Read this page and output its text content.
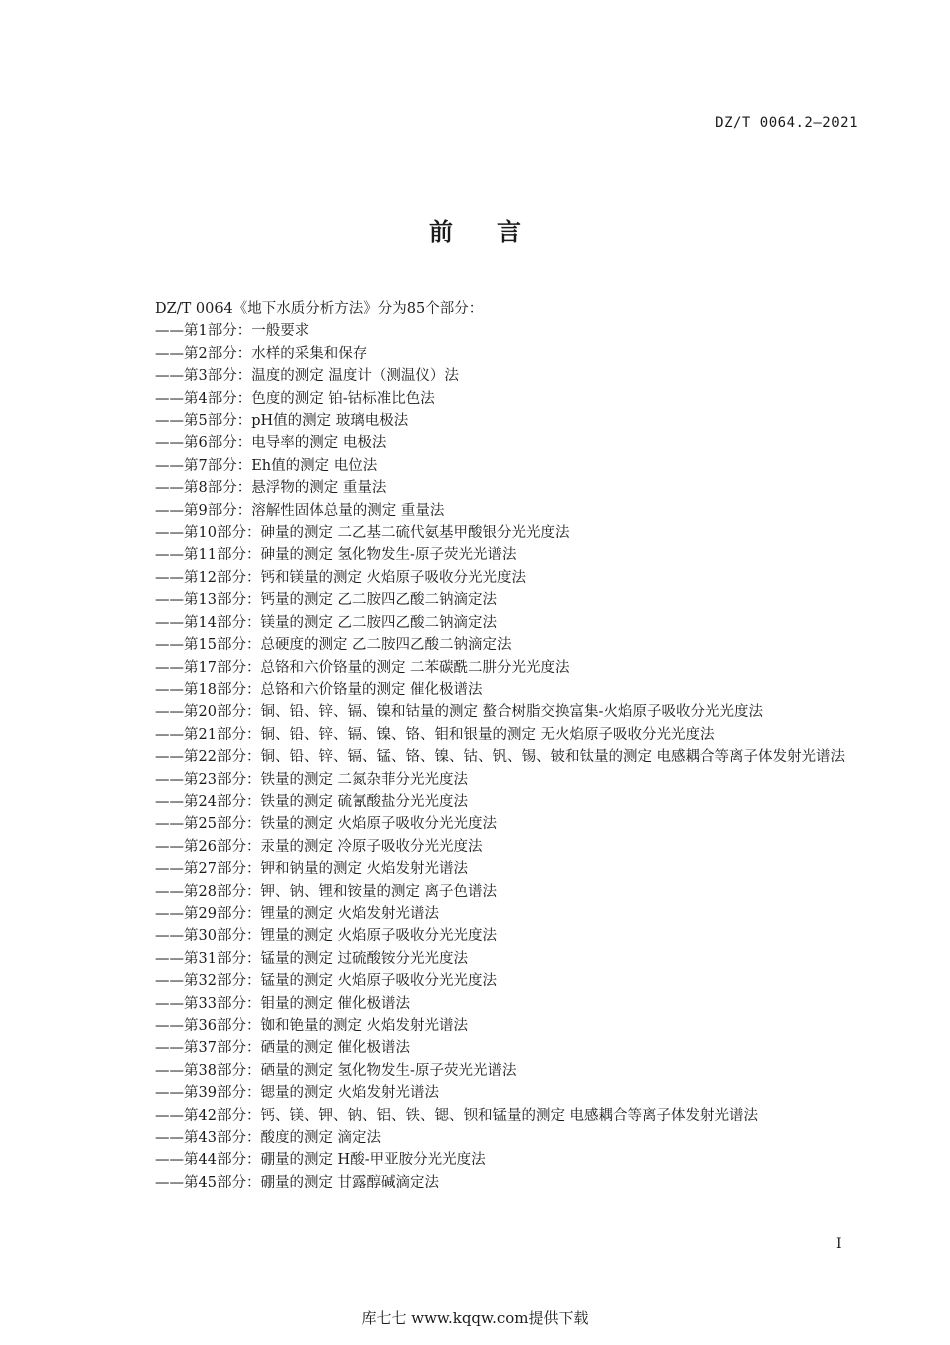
DZ/T 0064.2—2021
前言
DZ/T 0064《地下水质分析方法》分为85个部分：
——第1部分：一般要求
——第2部分：水样的采集和保存
——第3部分：温度的测定 温度计（测温仪）法
——第4部分：色度的测定 铂-钴标准比色法
——第5部分：pH值的测定 玻璃电极法
——第6部分：电导率的测定 电极法
——第7部分：Eh值的测定 电位法
——第8部分：悬浮物的测定 重量法
——第9部分：溶解性固体总量的测定 重量法
——第10部分：砷量的测定 二乙基二硫代氨基甲酸银分光光度法
——第11部分：砷量的测定 氢化物发生-原子荧光光谱法
——第12部分：钙和镁量的测定 火焰原子吸收分光光度法
——第13部分：钙量的测定 乙二胺四乙酸二钠滴定法
——第14部分：镁量的测定 乙二胺四乙酸二钠滴定法
——第15部分：总硬度的测定 乙二胺四乙酸二钠滴定法
——第17部分：总铬和六价铬量的测定 二苯碳酰二肼分光光度法
——第18部分：总铬和六价铬量的测定 催化极谱法
——第20部分：铜、铅、锌、镉、镍和钴量的测定 螯合树脂交换富集-火焰原子吸收分光光度法
——第21部分：铜、铅、锌、镉、镍、铬、钼和银量的测定 无火焰原子吸收分光光度法
——第22部分：铜、铅、锌、镉、锰、铬、镍、钴、钒、锡、铍和钛量的测定 电感耦合等离子体发射光谱法
——第23部分：铁量的测定 二氮杂菲分光光度法
——第24部分：铁量的测定 硫氰酸盐分光光度法
——第25部分：铁量的测定 火焰原子吸收分光光度法
——第26部分：汞量的测定 冷原子吸收分光光度法
——第27部分：钾和钠量的测定 火焰发射光谱法
——第28部分：钾、钠、锂和铵量的测定 离子色谱法
——第29部分：锂量的测定 火焰发射光谱法
——第30部分：锂量的测定 火焰原子吸收分光光度法
——第31部分：锰量的测定 过硫酸铵分光光度法
——第32部分：锰量的测定 火焰原子吸收分光光度法
——第33部分：钼量的测定 催化极谱法
——第36部分：铷和铯量的测定 火焰发射光谱法
——第37部分：硒量的测定 催化极谱法
——第38部分：硒量的测定 氢化物发生-原子荧光光谱法
——第39部分：锶量的测定 火焰发射光谱法
——第42部分：钙、镁、钾、钠、铝、铁、锶、钡和锰量的测定 电感耦合等离子体发射光谱法
——第43部分：酸度的测定 滴定法
——第44部分：硼量的测定 H酸-甲亚胺分光光度法
——第45部分：硼量的测定 甘露醇碱滴定法
I
库七七 www.kqqw.com提供下载
